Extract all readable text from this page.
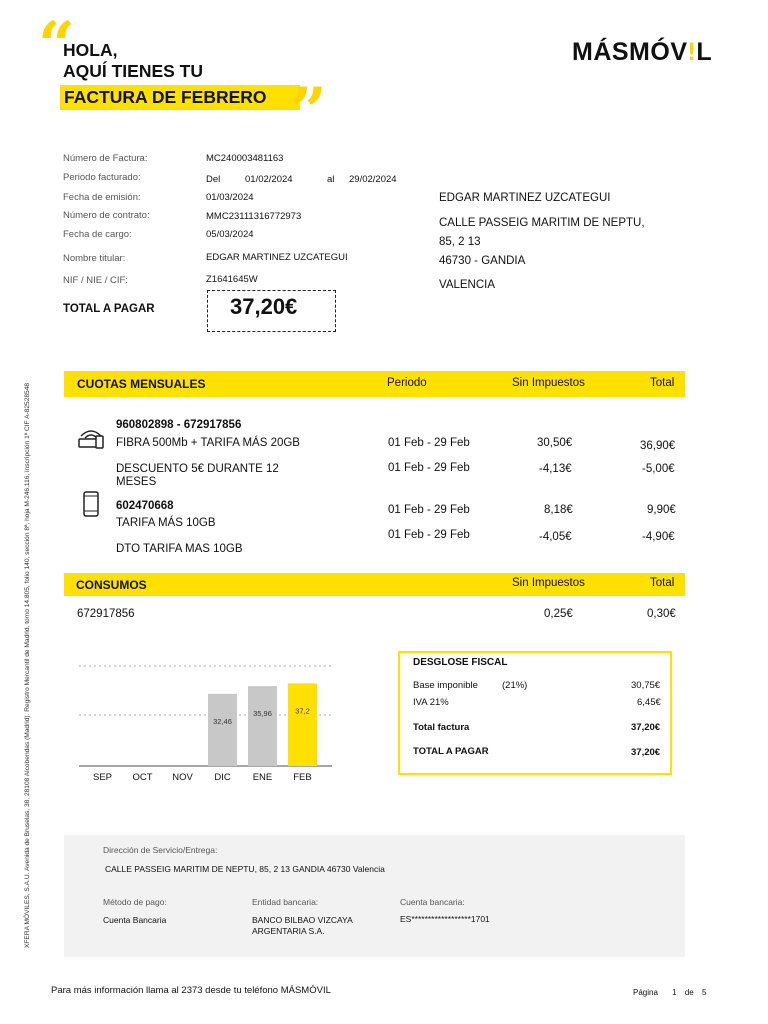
“
HOLA,
AQUÍ TIENES TU
FACTURA DE FEBRERO ”
MÁSMÓV!L
Número de Factura:	MC240003481163
Periodo facturado:	Del	01/02/2024	al 29/02/2024
Fecha de emisión:	01/03/2024
Número de contrato:	MMC23111316772973
Fecha de cargo:	05/03/2024
Nombre titular:	EDGAR MARTINEZ UZCATEGUI
NIF / NIE / CIF:	Z1641645W
TOTAL A PAGAR	37,20€
EDGAR MARTINEZ UZCATEGUI
CALLE PASSEIG MARITIM DE NEPTU,
85, 2 13
46730 - GANDIA
VALENCIA
CUOTAS MENSUALES	Periodo	Sin Impuestos	Total
960802898 - 672917856
FIBRA 500Mb + TARIFA MÁS 20GB	01 Feb - 29 Feb	30,50€	36,90€
DESCUENTO 5€ DURANTE 12
MESES
01 Feb - 29 Feb	-4,13€	-5,00€
602470668
TARIFA MÁS 10GB
01 Feb - 29 Feb	8,18€	9,90€
DTO TARIFA MAS 10GB
01 Feb - 29 Feb	-4,05€	-4,90€
CONSUMOS	Sin Impuestos	Total
672917856	0,25€	0,30€
SEP OCT NOV
32,46
DIC
35,96
ENE
37,2
FEB
DESGLOSE FISCAL
Base imponible	(21%)	30,75€
IVA 21%	6,45€
Total factura	37,20€
TOTAL A PAGAR	37,20€
Dirección de Servicio/Entrega:
CALLE PASSEIG MARITIM DE NEPTU, 85, 2 13 GANDIA 46730 Valencia
Método de pago:
Cuenta Bancaria
Entidad bancaria:
BANCO BILBAO VIZCAYA
ARGENTARIA S.A.
Cuenta bancaria:
ES******************1701
XFERA MÓVILES, S.A.U. Avenida de Bruselas, 38, 28108 Alcobendas (Madrid). Registro Mercantil de Madrid, tomo 14.805, folio 140, sección 8ª, hoja M-246.116, inscripción 1ª CIF A-82528548
Para más información llama al 2373 desde tu teléfono MÁSMÓVIL	Página 1 de 5
